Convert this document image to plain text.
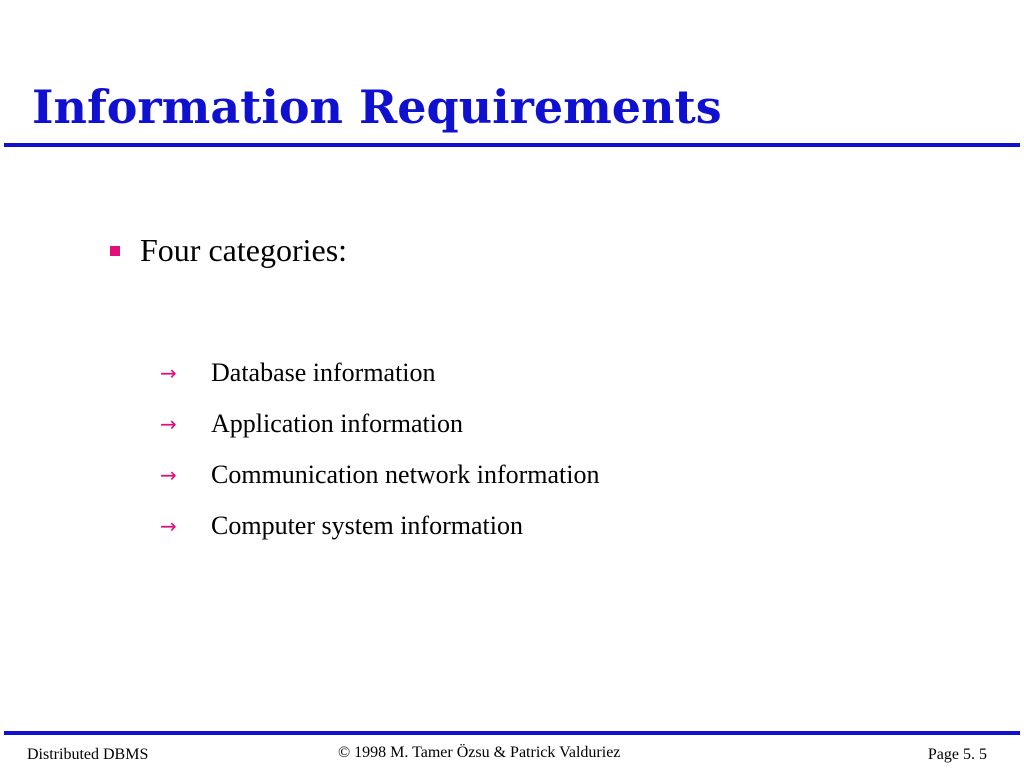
Information Requirements
Four categories:
→ Database information
→ Application information
→ Communication network information
→ Computer system information
Distributed DBMS	© 1998 M. Tamer Özsu & Patrick Valduriez	Page 5. 5
